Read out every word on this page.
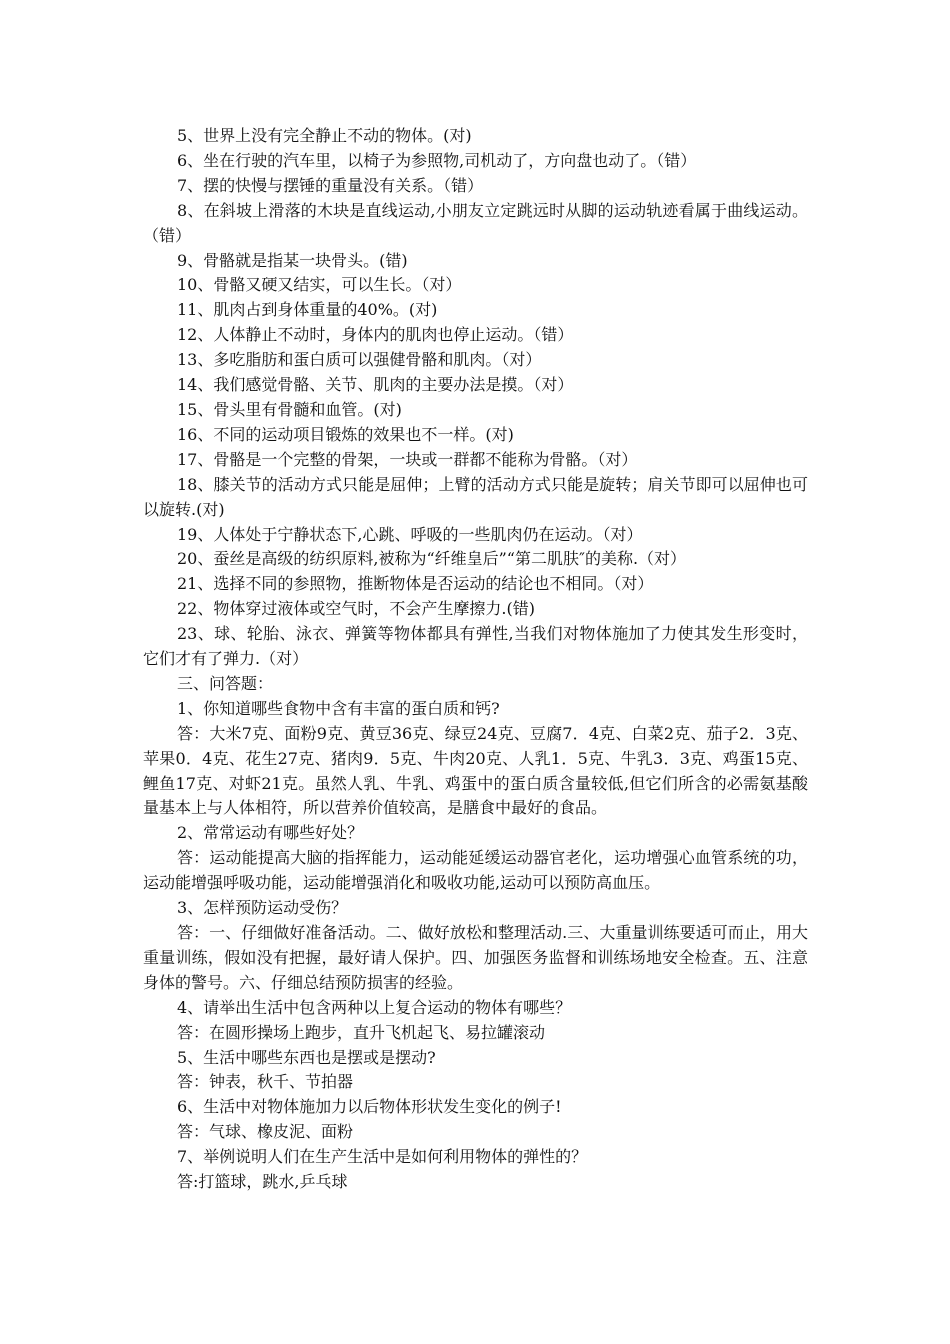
5、世界上没有完全静止不动的物体。(对)

6、坐在行驶的汽车里，以椅子为参照物,司机动了，方向盘也动了。（错）

7、摆的快慢与摆锤的重量没有关系。（错）

8、在斜坡上滑落的木块是直线运动,小朋友立定跳远时从脚的运动轨迹看属于曲线运动。（错）

9、骨骼就是指某一块骨头。(错)

10、骨骼又硬又结实，可以生长。（对）

11、肌肉占到身体重量的40%。(对)

12、人体静止不动时，身体内的肌肉也停止运动。（错）

13、多吃脂肪和蛋白质可以强健骨骼和肌肉。（对）

14、我们感觉骨骼、关节、肌肉的主要办法是摸。（对）

15、骨头里有骨髓和血管。(对)

16、不同的运动项目锻炼的效果也不一样。(对)

17、骨骼是一个完整的骨架，一块或一群都不能称为骨骼。（对）

18、膝关节的活动方式只能是屈伸；上臂的活动方式只能是旋转；肩关节即可以屈伸也可以旋转.(对)

19、人体处于宁静状态下,心跳、呼吸的一些肌肉仍在运动。（对）

20、蚕丝是高级的纺织原料,被称为“纤维皇后”“第二肌肤″的美称.（对）

21、选择不同的参照物，推断物体是否运动的结论也不相同。（对）

22、物体穿过液体或空气时，不会产生摩擦力.(错)

23、球、轮胎、泳衣、弹簧等物体都具有弹性,当我们对物体施加了力使其发生形变时，它们才有了弹力.（对）

三、问答题：

1、你知道哪些食物中含有丰富的蛋白质和钙?

答：大米7克、面粉9克、黄豆36克、绿豆24克、豆腐7．4克、白菜2克、茄子2．3克、苹果0．4克、花生27克、猪肉9．5克、牛肉20克、人乳1．5克、牛乳3．3克、鸡蛋15克、鲤鱼17克、对虾21克。虽然人乳、牛乳、鸡蛋中的蛋白质含量较低,但它们所含的必需氨基酸量基本上与人体相符，所以营养价值较高，是膳食中最好的食品。

2、常常运动有哪些好处？

答：运动能提高大脑的指挥能力，运动能延缓运动器官老化，运功增强心血管系统的功，运动能增强呼吸功能，运动能增强消化和吸收功能,运动可以预防高血压。

3、怎样预防运动受伤？

答：一、仔细做好准备活动。二、做好放松和整理活动.三、大重量训练要适可而止，用大重量训练，假如没有把握，最好请人保护。四、加强医务监督和训练场地安全检查。五、注意身体的警号。六、仔细总结预防损害的经验。

4、请举出生活中包含两种以上复合运动的物体有哪些？

答：在圆形操场上跑步，直升飞机起飞、易拉罐滚动

5、生活中哪些东西也是摆或是摆动?

答：钟表，秋千、节拍器

6、生活中对物体施加力以后物体形状发生变化的例子!

答：气球、橡皮泥、面粉

7、举例说明人们在生产生活中是如何利用物体的弹性的？

答:打篮球，跳水,乒乓球
